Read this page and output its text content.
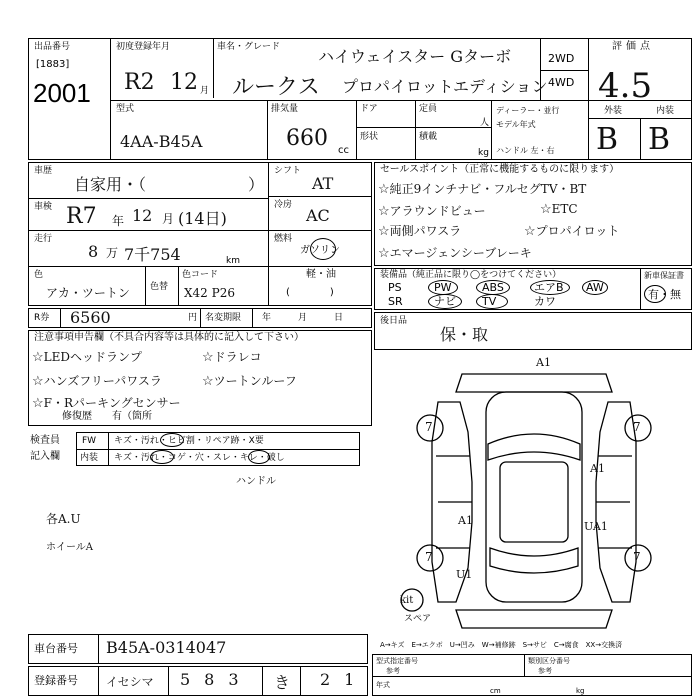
出品番号
[1883]
2001
初度登録年月
R2 12 月
車名・グレード ハイウェイスター Gターボ
ルークス プロパイロットエディション
2WD
4WD
評価点
4.5
型式
4AA-B45A
排気量
660 cc
ドア
形状
定員
人
積載
kg
ディーラー・並行
モデル年式
ハンドル 左・右
外装	内装
B B
車歴
自家用・（	）
車検 R7 年 12 月 (14日)
走行
8 万 7千754	km
色
アカ・ツートン 色替
色コード
X42 P26
シフト
AT
冷房
AC
燃料
ガソリン
軽・油
(　　　　)
セールスポイント（正常に機能するものに限ります）
☆純正9インチナビ・フルセグTV・BT
☆アラウンドビュー	☆ETC
☆両側パワスラ	☆プロパイロット
☆エマージェンシーブレーキ
装備品（純正品に限り◯をつけてください）	新車保証書
有・無
PS	PW	ABS	エアB AW
SR	ナビ TV	カワ
R券 6560	円 名変期限 年　　　月　　　日	後日品
保・取
注意事項申告欄（不具合内容等は具体的に記入して下さい）
☆LEDヘッドランプ	☆ドラレコ
☆ハンズフリーパワスラ	☆ツートンルーフ
☆F・Rパーキングセンサー
修復歴 有（箇所
検査員
記入欄
FW
内装
キズ・汚れ・ヒビ割・リペア跡・X要
キズ・汚れ・コゲ・穴・スレ・キレ・破し
ハンドル
各A.U
ホイールA
A1
A1
UA1
A1
U1
7	7
7	7
kit
スペア
A→キズ　E→エクボ　U→凹み　W→補修跡　S→サビ　C→腐食　XX→交換済
車台番号 B45A-0314047
登録番号 イセシマ 583 き 21
型式指定番号	類別区分番号
参考	参考
年式
cm	kg
